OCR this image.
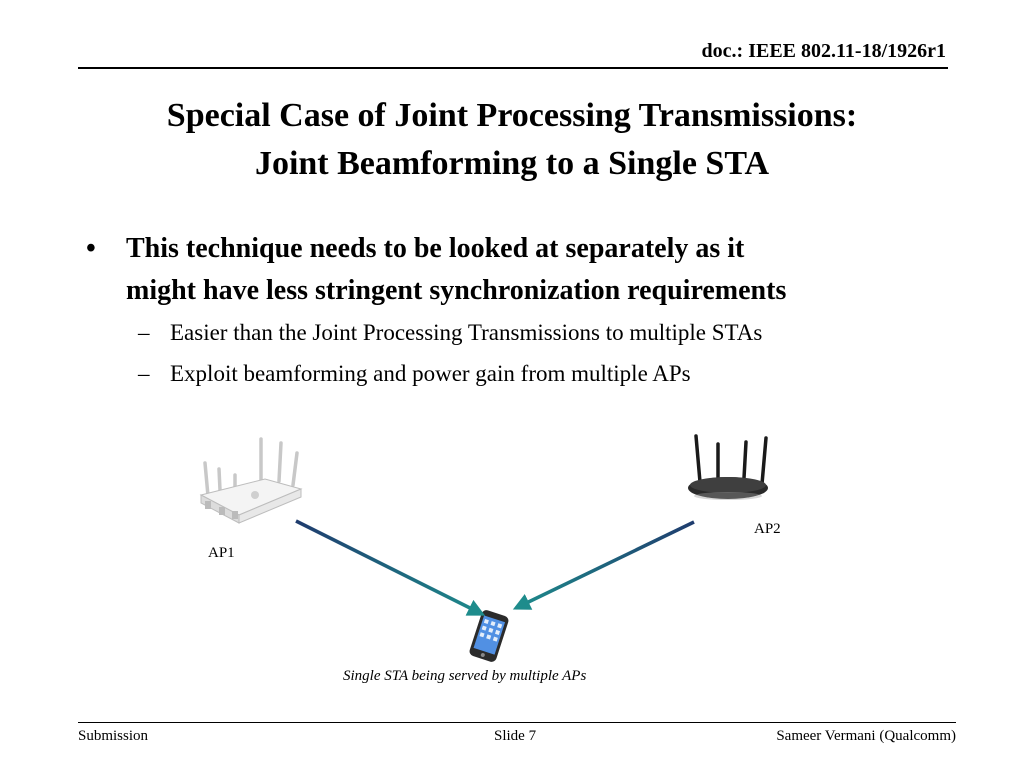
doc.: IEEE 802.11-18/1926r1
Special Case of Joint Processing Transmissions:
Joint Beamforming to a Single STA
• This technique needs to be looked at separately as it
might have less stringent synchronization requirements
– Easier than the Joint Processing Transmissions to multiple STAs
– Exploit beamforming and power gain from multiple APs
AP1
AP2
Single STA being served by multiple APs
Submission	Slide 7	Sameer Vermani (Qualcomm)
